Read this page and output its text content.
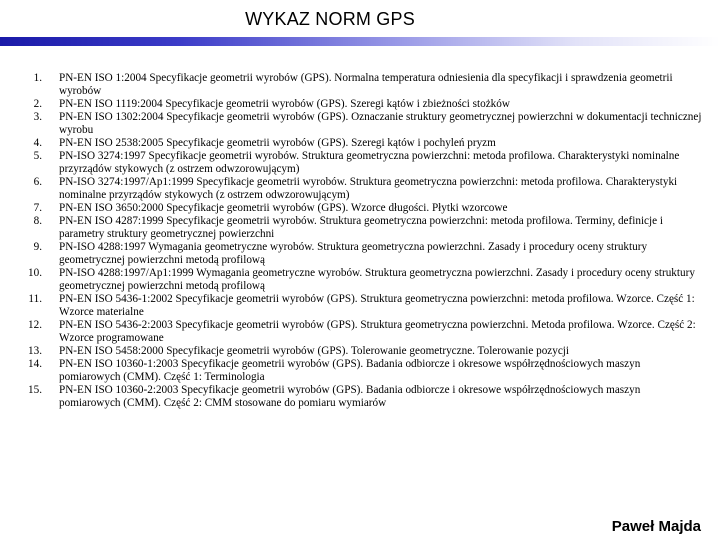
WYKAZ NORM GPS
1. PN-EN ISO 1:2004 Specyfikacje geometrii wyrobów (GPS). Normalna temperatura odniesienia dla specyfikacji i sprawdzenia geometrii wyrobów
2. PN-EN ISO 1119:2004 Specyfikacje geometrii wyrobów (GPS). Szeregi kątów i zbieżności stożków
3. PN-EN ISO 1302:2004 Specyfikacje geometrii wyrobów (GPS). Oznaczanie struktury geometrycznej powierzchni w dokumentacji technicznej wyrobu
4. PN-EN ISO 2538:2005 Specyfikacje geometrii wyrobów (GPS). Szeregi kątów i pochyleń pryzm
5. PN-ISO 3274:1997 Specyfikacje geometrii wyrobów. Struktura geometryczna powierzchni: metoda profilowa. Charakterystyki nominalne przyrządów stykowych (z ostrzem odwzorowującym)
6. PN-ISO 3274:1997/Ap1:1999 Specyfikacje geometrii wyrobów. Struktura geometryczna powierzchni: metoda profilowa. Charakterystyki nominalne przyrządów stykowych (z ostrzem odwzorowującym)
7. PN-EN ISO 3650:2000 Specyfikacje geometrii wyrobów (GPS). Wzorce długości. Płytki wzorcowe
8. PN-EN ISO 4287:1999 Specyfikacje geometrii wyrobów. Struktura geometryczna powierzchni: metoda profilowa. Terminy, definicje i parametry struktury geometrycznej powierzchni
9. PN-ISO 4288:1997 Wymagania geometryczne wyrobów. Struktura geometryczna powierzchni. Zasady i procedury oceny struktury geometrycznej powierzchni metodą profilową
10. PN-ISO 4288:1997/Ap1:1999 Wymagania geometryczne wyrobów. Struktura geometryczna powierzchni. Zasady i procedury oceny struktury geometrycznej powierzchni metodą profilową
11. PN-EN ISO 5436-1:2002 Specyfikacje geometrii wyrobów (GPS). Struktura geometryczna powierzchni: metoda profilowa. Wzorce. Część 1: Wzorce materialne
12. PN-EN ISO 5436-2:2003 Specyfikacje geometrii wyrobów (GPS). Struktura geometryczna powierzchni. Metoda profilowa. Wzorce. Część 2: Wzorce programowane
13. PN-EN ISO 5458:2000 Specyfikacje geometrii wyrobów (GPS). Tolerowanie geometryczne. Tolerowanie pozycji
14. PN-EN ISO 10360-1:2003 Specyfikacje geometrii wyrobów (GPS). Badania odbiorcze i okresowe współrzędnościowych maszyn pomiarowych (CMM). Część 1: Terminologia
15. PN-EN ISO 10360-2:2003 Specyfikacje geometrii wyrobów (GPS). Badania odbiorcze i okresowe współrzędnościowych maszyn pomiarowych (CMM). Część 2: CMM stosowane do pomiaru wymiarów
Paweł Majda
